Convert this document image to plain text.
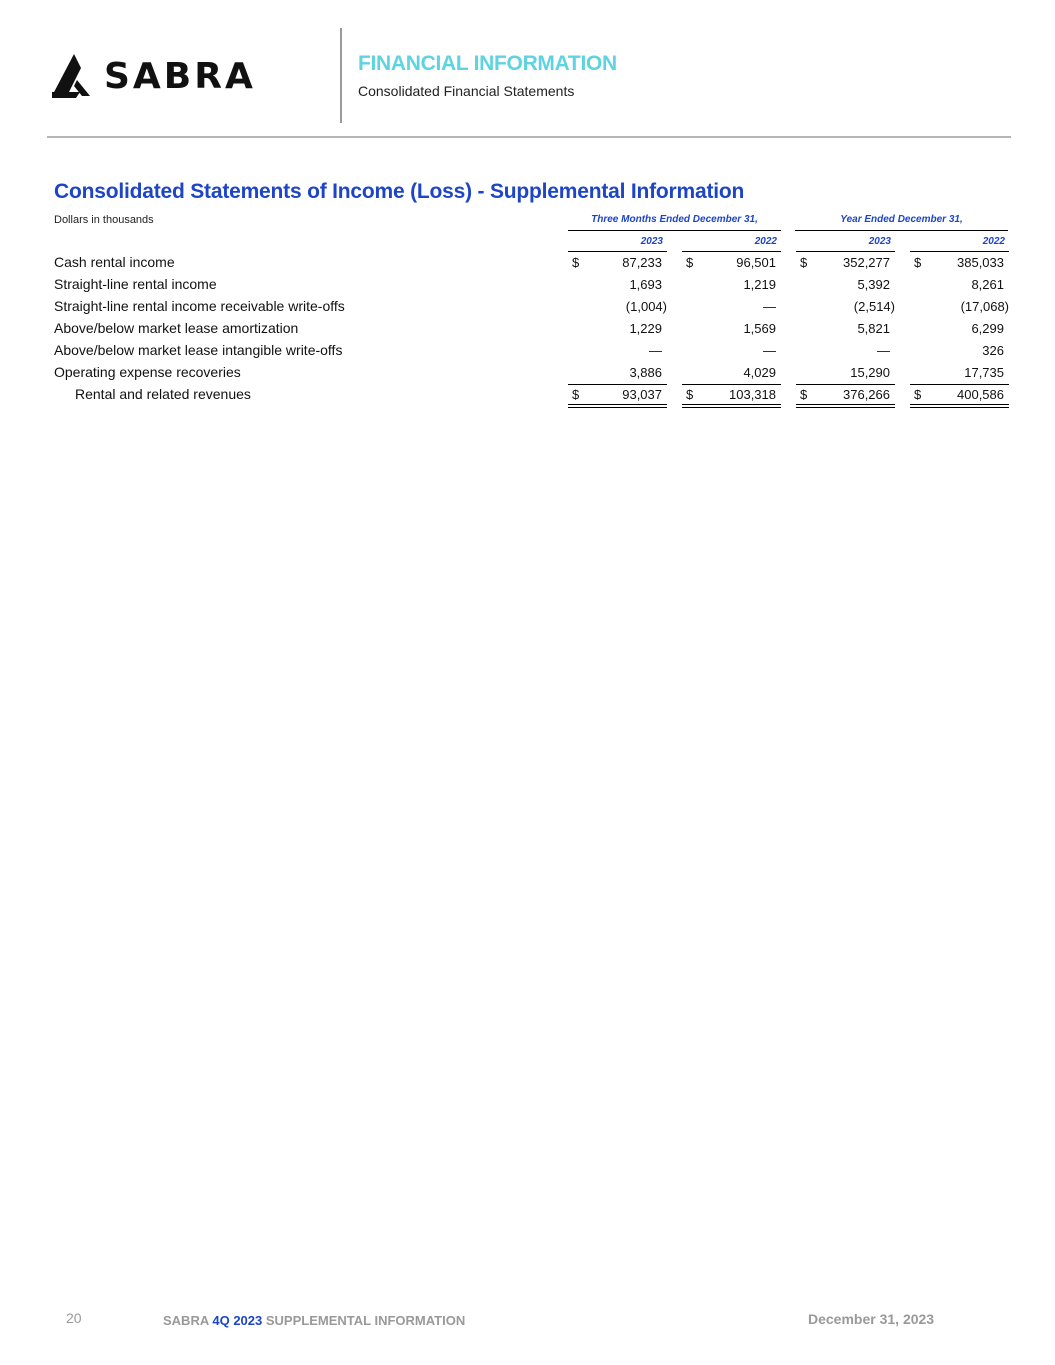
SABRA	FINANCIAL INFORMATION
Consolidated Financial Statements
Consolidated Statements of Income (Loss) - Supplemental Information
Dollars in thousands	Three Months Ended December 31,	Year Ended December 31,
2023	2022	2023	2022
Cash rental income	$	87,233 $	96,501 $	352,277 $	385,033
Straight-line rental income	1,693	1,219	5,392	8,261
Straight-line rental income receivable write-offs	(1,004)	—	(2,514)	(17,068)
Above/below market lease amortization	1,229	1,569	5,821	6,299
Above/below market lease intangible write-offs	—	—	—	326
Operating expense recoveries	3,886	4,029	15,290	17,735
Rental and related revenues	$	93,037 $	103,318 $	376,266 $	400,586
20	SABRA 4Q 2023 SUPPLEMENTAL INFORMATION	December 31, 2023
